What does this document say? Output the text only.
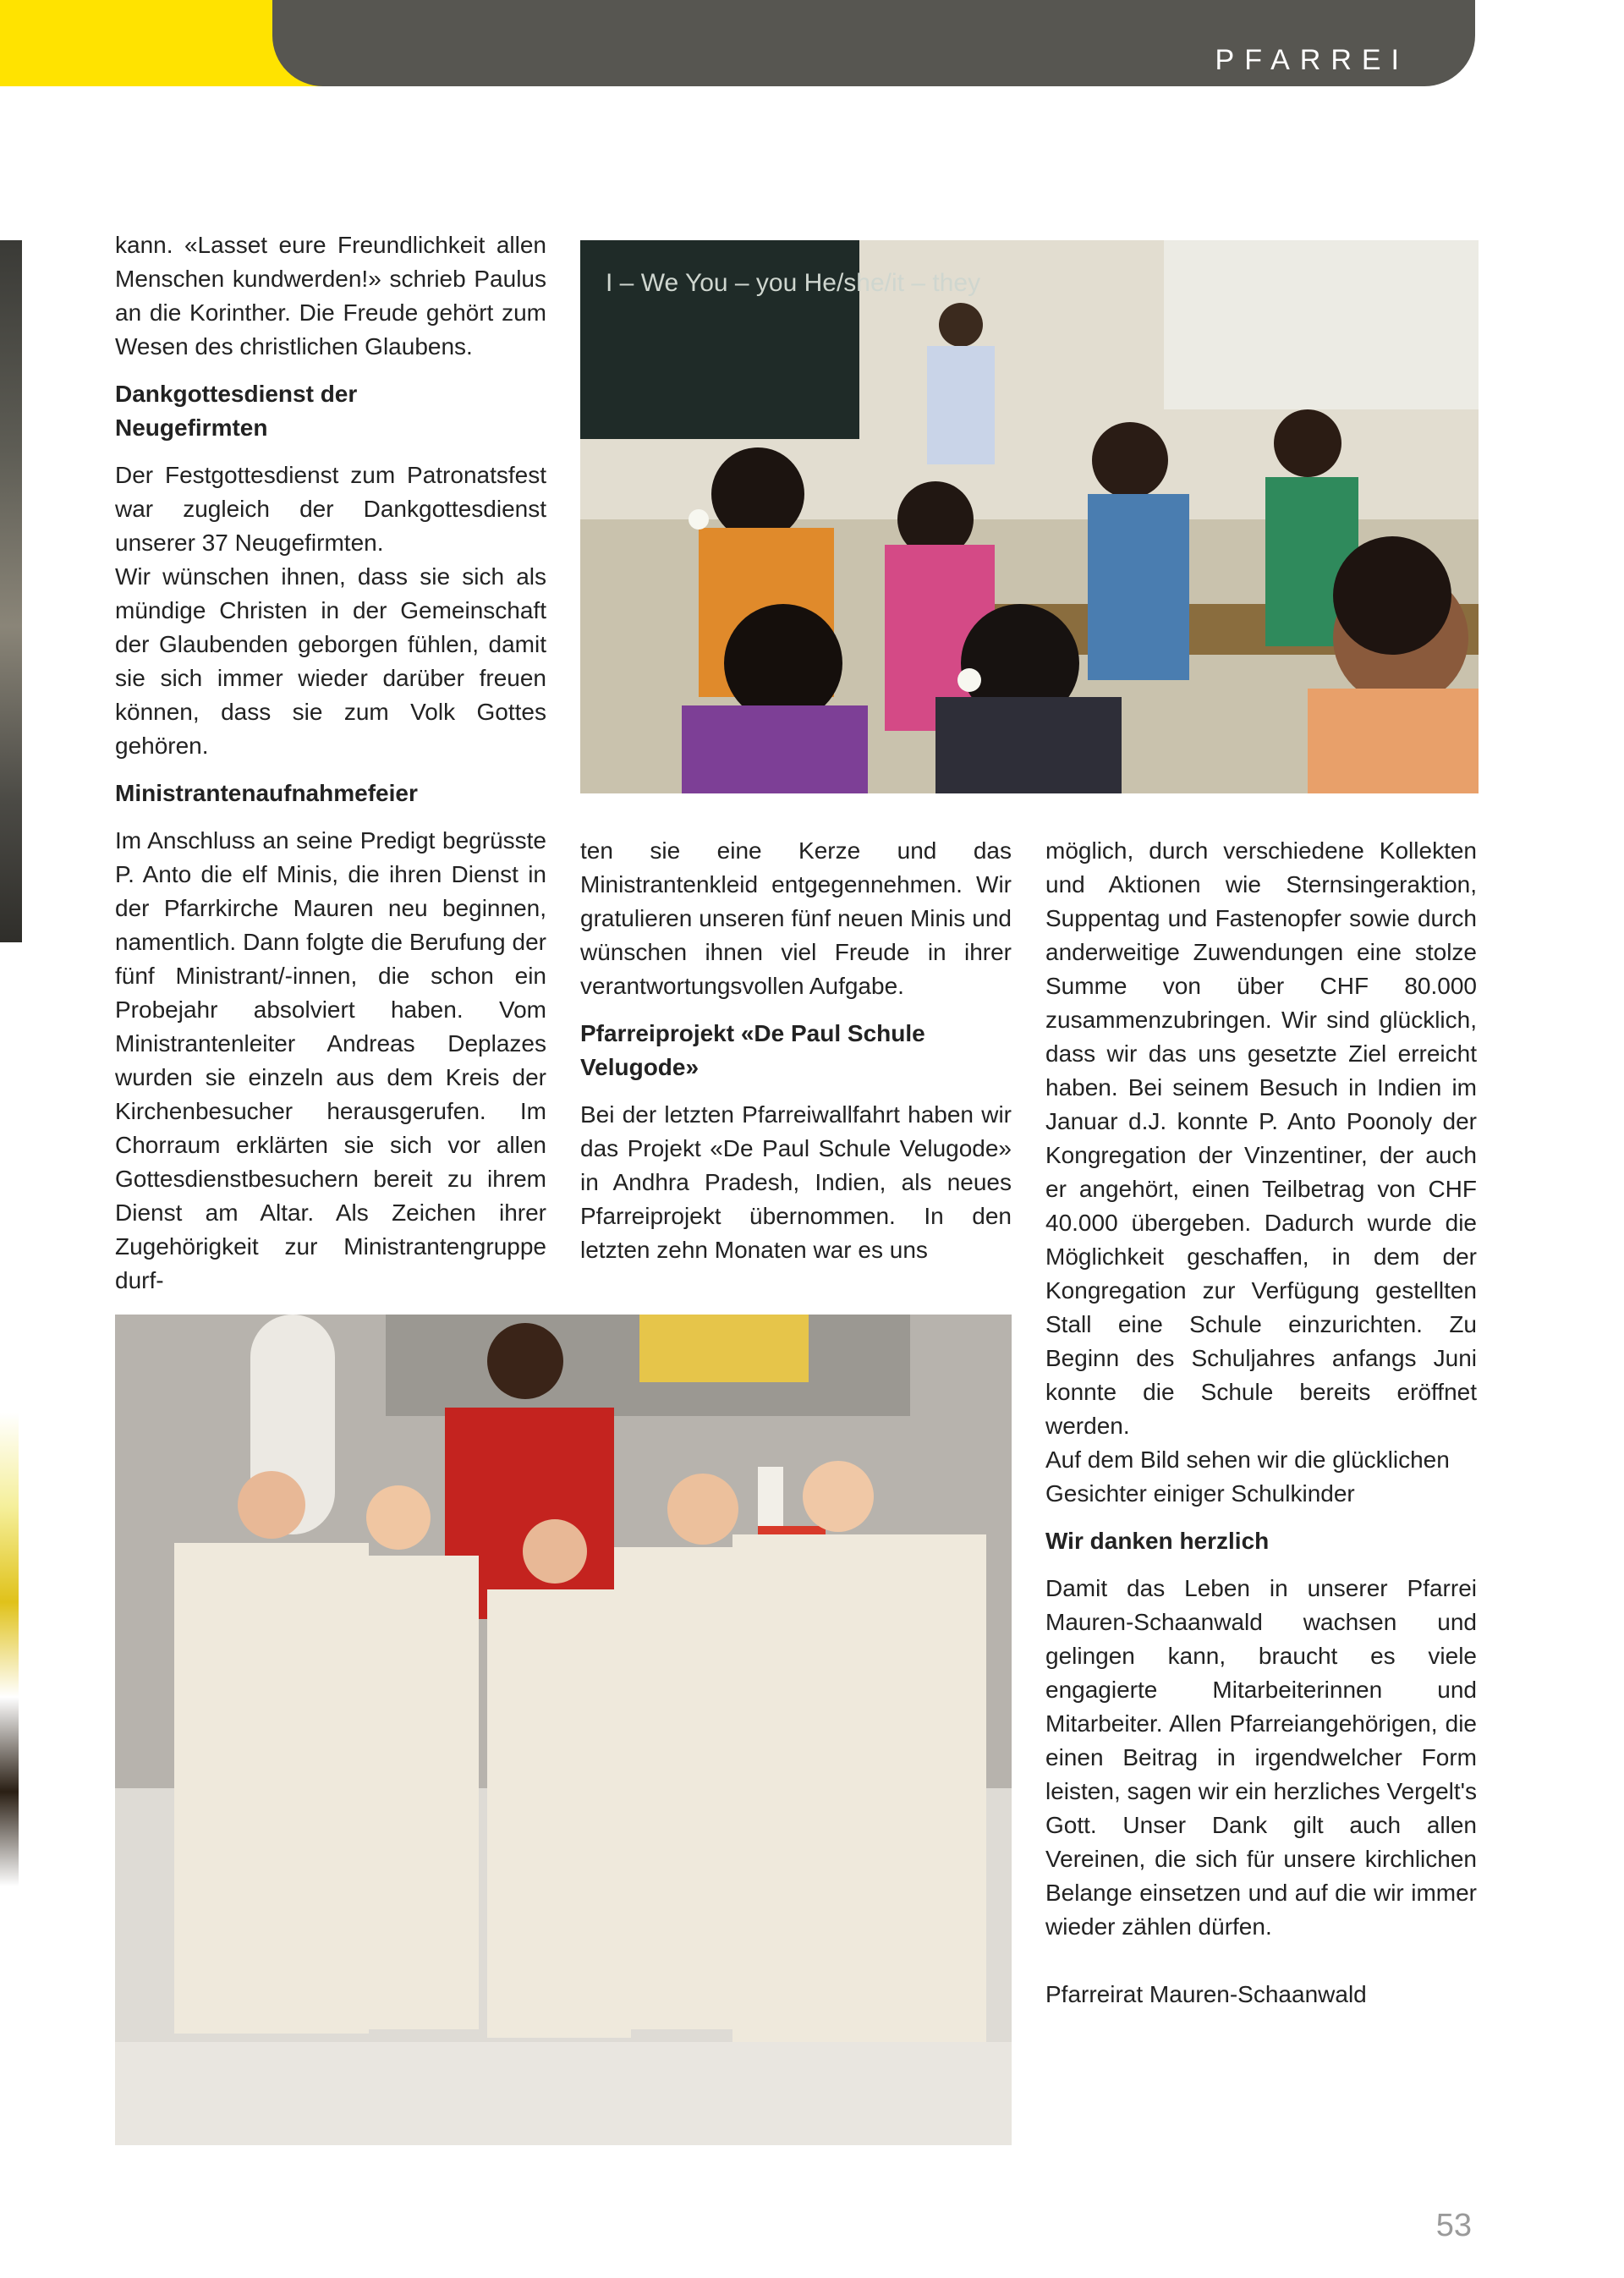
PFARREI

kann. «Lasset eure Freundlichkeit allen Menschen kundwerden!» schrieb Paulus an die Korinther. Die Freude gehört zum Wesen des christlichen Glaubens.

Dankgottesdienst der
Neugefirmten

Der Festgottesdienst zum Patronatsfest war zugleich der Dankgottesdienst unserer 37 Neugefirmten.

Wir wünschen ihnen, dass sie sich als mündige Christen in der Gemeinschaft der Glaubenden geborgen fühlen, damit sie sich immer wieder darüber freuen können, dass sie zum Volk Gottes gehören.

Ministrantenaufnahmefeier

Im Anschluss an seine Predigt begrüsste P. Anto die elf Minis, die ihren Dienst in der Pfarrkirche Mauren neu beginnen, namentlich. Dann folgte die Berufung der fünf Ministrant/-innen, die schon ein Probejahr absolviert haben. Vom Ministrantenleiter Andreas Deplazes wurden sie einzeln aus dem Kreis der Kirchenbesucher herausgerufen. Im Chorraum erklärten sie sich vor allen Gottesdienstbesuchern bereit zu ihrem Dienst am Altar. Als Zeichen ihrer Zugehörigkeit zur Ministrantengruppe durf-

ten sie eine Kerze und das Ministrantenkleid entgegennehmen. Wir gratulieren unseren fünf neuen Minis und wünschen ihnen viel Freude in ihrer verantwortungsvollen Aufgabe.

Pfarreiprojekt «De Paul Schule
Velugode»

Bei der letzten Pfarreiwallfahrt haben wir das Projekt «De Paul Schule Velugode» in Andhra Pradesh, Indien, als neues Pfarreiprojekt übernommen. In den letzten zehn Monaten war es uns

möglich, durch verschiedene Kollekten und Aktionen wie Sternsingeraktion, Suppentag und Fastenopfer sowie durch anderweitige Zuwendungen eine stolze Summe von über CHF 80.000 zusammenzubringen. Wir sind glücklich, dass wir das uns gesetzte Ziel erreicht haben. Bei seinem Besuch in Indien im Januar d.J. konnte P. Anto Poonoly der Kongregation der Vinzentiner, der auch er angehört, einen Teilbetrag von CHF 40.000 übergeben. Dadurch wurde die Möglichkeit geschaffen, in dem der Kongregation zur Verfügung gestellten Stall eine Schule einzurichten. Zu Beginn des Schuljahres anfangs Juni konnte die Schule bereits eröffnet werden.

Auf dem Bild sehen wir die glücklichen Gesichter einiger Schulkinder

Wir danken herzlich

Damit das Leben in unserer Pfarrei Mauren-Schaanwald wachsen und gelingen kann, braucht es viele engagierte Mitarbeiterinnen und Mitarbeiter. Allen Pfarreiangehörigen, die einen Beitrag in irgendwelcher Form leisten, sagen wir ein herzliches Vergelt's Gott. Unser Dank gilt auch allen Vereinen, die sich für unsere kirchlichen Belange einsetzen und auf die wir immer wieder zählen dürfen.

Pfarreirat Mauren-Schaanwald

I – We You – you He/she/it – they
53
